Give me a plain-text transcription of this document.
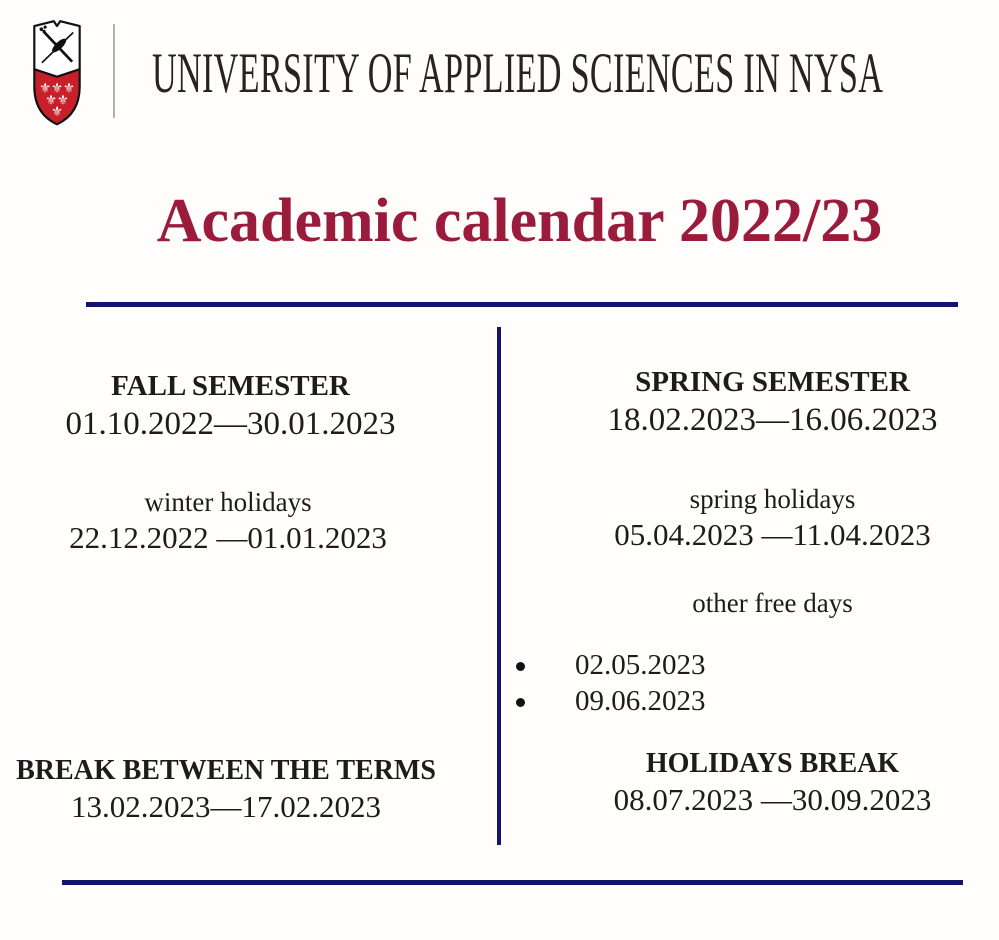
⚜ ⚜ ⚜
⚜ ⚜
⚜
UNIVERSITY OF APPLIED SCIENCES IN NYSA
Academic calendar 2022/23
FALL SEMESTER
01.10.2022—30.01.2023
winter holidays
22.12.2022 —01.01.2023
BREAK BETWEEN THE TERMS
13.02.2023—17.02.2023
SPRING SEMESTER
18.02.2023—16.06.2023
spring holidays
05.04.2023 —11.04.2023
other free days
02.05.2023
09.06.2023
HOLIDAYS BREAK
08.07.2023 —30.09.2023
